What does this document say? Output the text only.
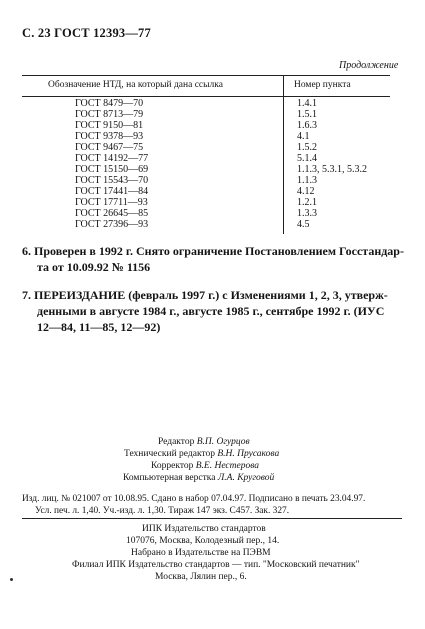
С. 23 ГОСТ 12393—77
Продолжение
Обозначение НТД, на который дана ссылка	Номер пункта
ГОСТ 8479—70	1.4.1
ГОСТ 8713—79	1.5.1
ГОСТ 9150—81	1.6.3
ГОСТ 9378—93	4.1
ГОСТ 9467—75	1.5.2
ГОСТ 14192—77	5.1.4
ГОСТ 15150—69	1.1.3, 5.3.1, 5.3.2
ГОСТ 15543—70	1.1.3
ГОСТ 17441—84	4.12
ГОСТ 17711—93	1.2.1
ГОСТ 26645—85	1.3.3
ГОСТ 27396—93	4.5
6. Проверен в 1992 г. Снято ограничение Постановлением Госстандар-
та от 10.09.92 № 1156
7. ПЕРЕИЗДАНИЕ (февраль 1997 г.) с Изменениями 1, 2, 3, утверж-
денными в августе 1984 г., августе 1985 г., сентябре 1992 г. (ИУС
12—84, 11—85, 12—92)
Редактор В.П. Огурцов
Технический редактор В.Н. Прусакова
Корректор В.Е. Нестерова
Компьютерная верстка Л.А. Круговой
Изд. лиц. № 021007 от 10.08.95. Сдано в набор 07.04.97. Подписано в печать 23.04.97.
Усл. печ. л. 1,40. Уч.-изд. л. 1,30. Тираж 147 экз. С457. Зак. 327.
ИПК Издательство стандартов
107076, Москва, Колодезный пер., 14.
Набрано в Издательстве на ПЭВМ
Филиал ИПК Издательство стандартов — тип. "Московский печатник"
Москва, Лялин пер., 6.
